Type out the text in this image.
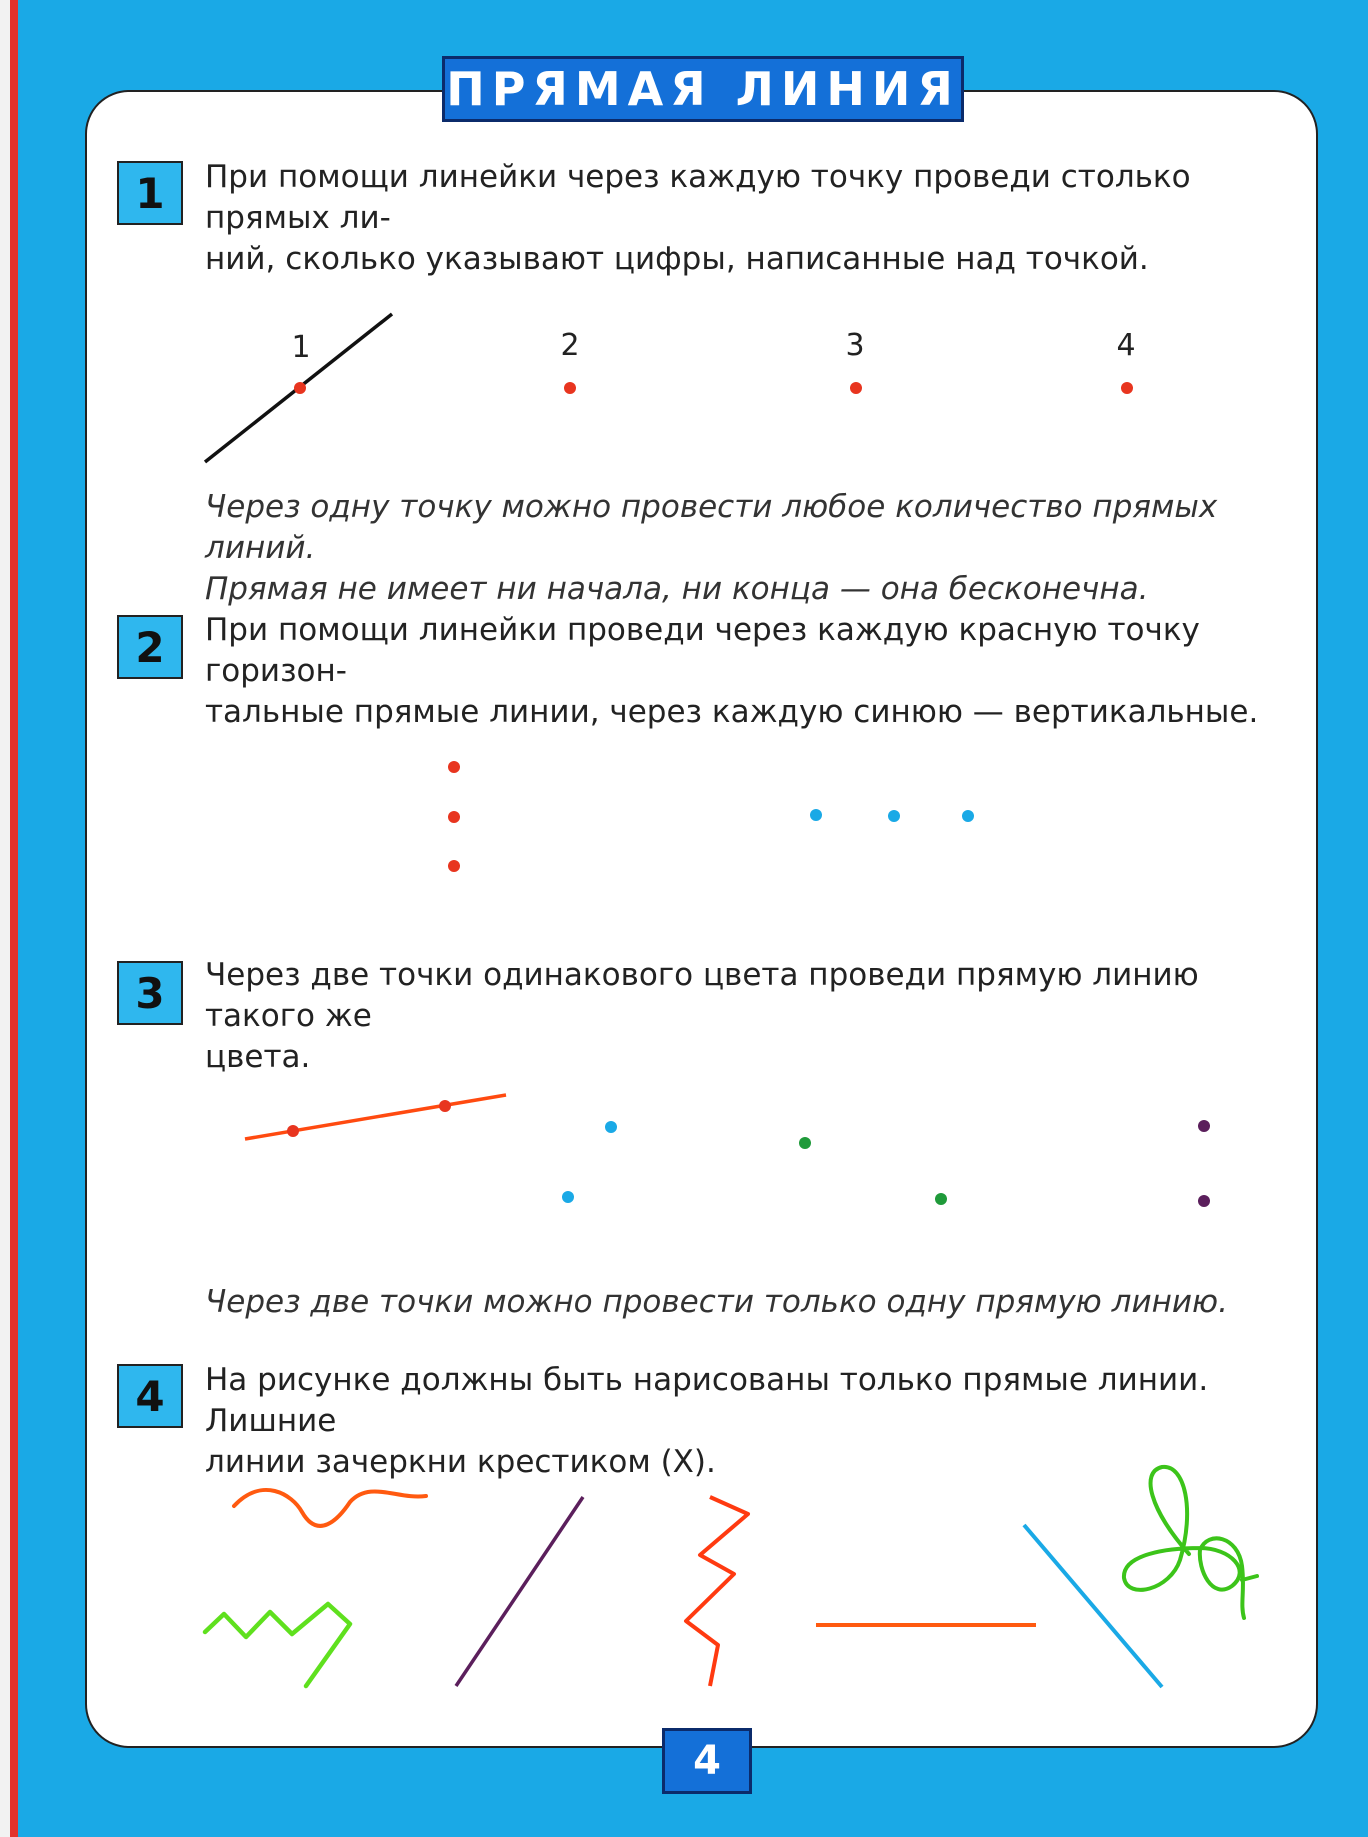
ПРЯМАЯ ЛИНИЯ
1	При помощи линейки через каждую точку проведи столько прямых ли-
ний, сколько указывают цифры, написанные над точкой.
1	2	3	4
Через одну точку можно провести любое количество прямых линий.
Прямая не имеет ни начала, ни конца — она бесконечна.
2	При помощи линейки проведи через каждую красную точку горизон-
тальные прямые линии, через каждую синюю — вертикальные.
3	Через две точки одинакового цвета проведи прямую линию такого же
цвета.
Через две точки можно провести только одну прямую линию.
4	На рисунке должны быть нарисованы только прямые линии. Лишние
линии зачеркни крестиком (X).
4
